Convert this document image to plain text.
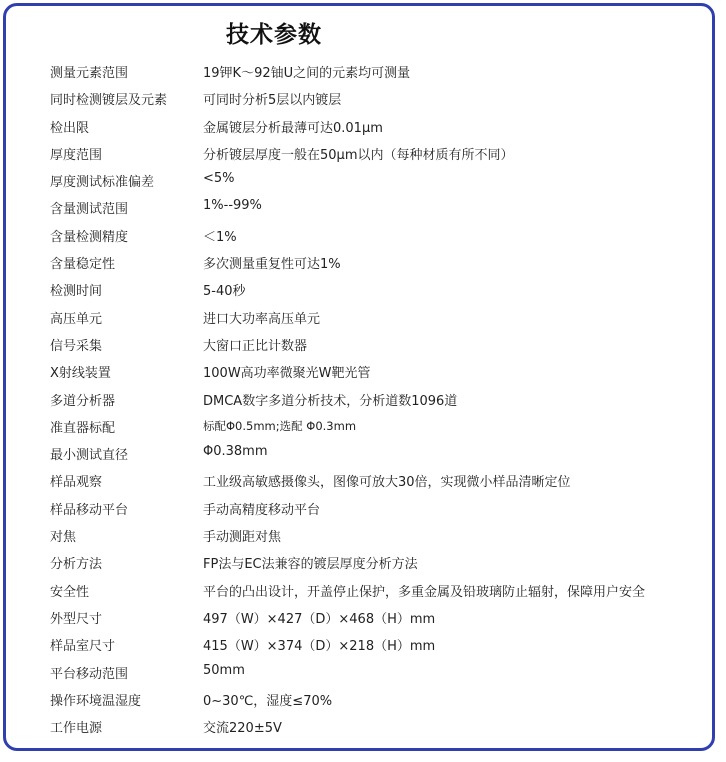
技术参数
测量元素范围	19钾K～92铀U之间的元素均可测量
同时检测镀层及元素	可同时分析5层以内镀层
检出限	金属镀层分析最薄可达0.01μm
厚度范围	分析镀层厚度一般在50μm以内（每种材质有所不同）
厚度测试标准偏差	<5%
含量测试范围	1%--99%
含量检测精度	＜1%
含量稳定性	多次测量重复性可达1%
检测时间	5-40秒
高压单元	进口大功率高压单元
信号采集	大窗口正比计数器
X射线装置	100W高功率微聚光W靶光管
多道分析器	DMCA数字多道分析技术，分析道数1096道
准直器标配	标配Φ0.5mm;选配 Φ0.3mm
最小测试直径	Φ0.38mm
样品观察	工业级高敏感摄像头，图像可放大30倍，实现微小样品清晰定位
样品移动平台	手动高精度移动平台
对焦	手动测距对焦
分析方法	FP法与EC法兼容的镀层厚度分析方法
安全性	平台的凸出设计，开盖停止保护，多重金属及铅玻璃防止辐射，保障用户安全
外型尺寸	497（W）×427（D）×468（H）mm
样品室尺寸	415（W）×374（D）×218（H）mm
平台移动范围	50mm
操作环境温湿度	0~30℃，湿度≤70%
工作电源	交流220±5V
